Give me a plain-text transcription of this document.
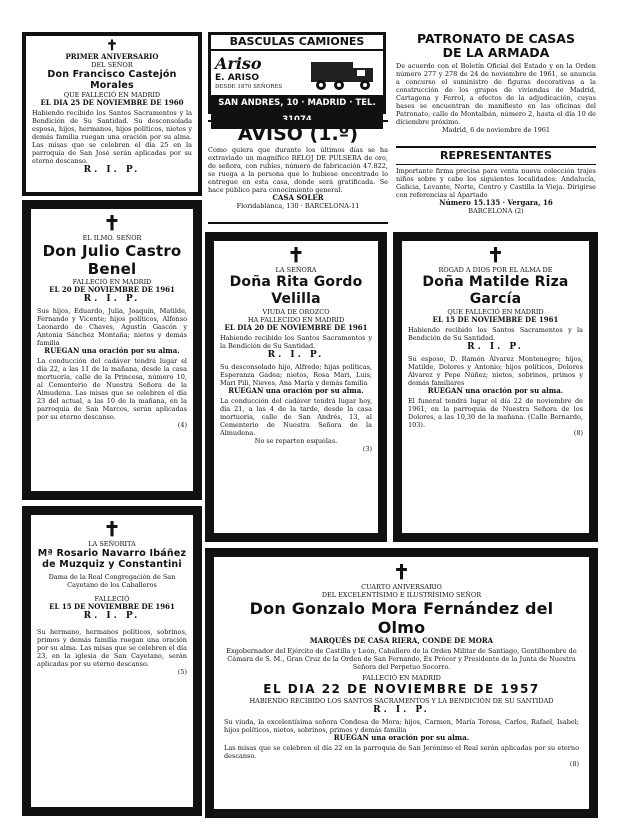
✝
PRIMER ANIVERSARIO
DEL SEÑOR
Don Francisco Castejón Morales
QUE FALLECIÓ EN MADRID
EL DIA 25 DE NOVIEMBRE DE 1960
Habiendo recibido los Santos Sacramentos y la Bendición de Su Santidad. Su desconsolada esposa, hijos, hermanos, hijos políticos, nietos y demás familia ruegan una oración por su alma. Las misas que se celebren el día 25 en la parroquia de San José serán aplicadas por su eterno descanso.
R. I. P.
✝
EL ILMO. SEÑOR
Don Julio Castro Benel
FALLECIÓ EN MADRID
EL 20 DE NOVIEMBRE DE 1961
R. I. P.
Sus hijos, Eduardo, Julia, Joaquín, Matilde, Fernando y Vicente; hijos políticos, Alfonso Leonardo de Chaves, Agustín Gascón y Antonia Sánchez Montaña; nietos y demás familia
RUEGAN una oración por su alma.
La conducción del cadáver tendrá lugar el día 22, a las 11 de la mañana, desde la casa mortuoria, calle de la Princesa, número 10, al Cementerio de Nuestra Señora de la Almudena. Las misas que se celebren el día 23 del actual, a las 10 de la mañana, en la parroquia de San Marcos, serán aplicadas por su eterno descanso.
(4)
✝
LA SEÑORITA
Mª Rosario Navarro Ibáñez de Muzquiz y Constantini
Dama de la Real Congregación de San Cayetano de los Caballeros
FALLECIÓ
EL 15 DE NOVIEMBRE DE 1961
R. I. P.
Su hermano, hermanos políticos, sobrinos, primos y demás familia ruegan una oración por su alma. Las misas que se celebren el día 23, en la iglesia de San Cayetano, serán aplicadas por su eterno descanso.
(5)
BASCULAS CAMIONES
Ariso
E. ARISO
DESDE 1870 SEÑORES
SAN ANDRES, 10 · MADRID · TEL. 31074
AVISO (1.º)
Como quiera que durante los últimos días se ha extraviado un magnífico RELOJ DE PULSERA de oro, de señora, con rubíes, número de fabricación 47.822, se ruega a la persona que lo hubiese encontrado lo entregue en esta casa, donde será gratificada. Se hace público para conocimiento general.
CASA SOLER
Floridablanca, 130 · BARCELONA-11
PATRONATO DE CASAS
DE LA ARMADA
De acuerdo con el Boletín Oficial del Estado y en la Orden número 277 y 278 de 24 de noviembre de 1961, se anuncia a concurso el suministro de figuras decorativas a la construcción de los grupos de viviendas de Madrid, Cartagena y Ferrol, a efectos de la adjudicación, cuyas bases se encuentran de manifiesto en las oficinas del Patronato, calle de Montalbán, número 2, hasta el día 10 de diciembre próximo.
Madrid, 6 de noviembre de 1961
REPRESENTANTES
Importante firma precisa para venta nueva colección trajes niños sobre y cabe los siguientes localidades: Andalucía, Galicia, Levante, Norte, Centro y Castilla la Vieja. Dirigirse con referencias al Apartado
Número 15.135 · Vergara, 16
BARCELONA (2)
✝
LA SEÑORA
Doña Rita Gordo
Velilla
VIUDA DE OROZCO
HA FALLECIDO EN MADRID
EL DIA 20 DE NOVIEMBRE DE 1961
Habiendo recibido los Santos Sacramentos y la Bendición de Su Santidad.
R. I. P.
Su desconsolado hijo, Alfredo; hijas políticas, Esperanza Gadea; nietos, Rosa Mari, Luis, Mari Pili, Nieves, Ana María y demás familia
RUEGAN una oración por su alma.
La conducción del cadáver tendrá lugar hoy, día 21, a las 4 de la tarde, desde la casa mortuoria, calle de San Andrés, 13, al Cementerio de Nuestra Señora de la Almudena.
No se reparten esquelas.
(3)
✝
ROGAD A DIOS POR EL ALMA DE
Doña Matilde Riza
García
QUE FALLECIÓ EN MADRID
EL 15 DE NOVIEMBRE DE 1961
Habiendo recibido los Santos Sacramentos y la Bendición de Su Santidad.
R. I. P.
Su esposo, D. Ramón Álvarez Montenegro; hijos, Matilde, Dolores y Antonio; hijos políticos, Dolores Álvarez y Pepe Núñez; nietos, sobrinos, primos y demás familiares
RUEGAN una oración por su alma.
El funeral tendrá lugar el día 22 de noviembre de 1961, en la parroquia de Nuestra Señora de los Dolores, a las 10,30 de la mañana. (Calle Bernardo, 103).
(8)
✝
CUARTO ANIVERSARIO
DEL EXCELENTÍSIMO E ILUSTRÍSIMO SEÑOR
Don Gonzalo Mora Fernández del Olmo
MARQUÉS DE CASA RIERA, CONDE DE MORA
Exgobernador del Ejército de Castilla y León, Caballero de la Orden Militar de Santiago, Gentilhombre de Cámara de S. M., Gran Cruz de la Orden de San Fernando, Ex Prócer y Presidente de la Junta de Nuestra Señora del Perpetuo Socorro.
FALLECIÓ EN MADRID
EL DIA 22 DE NOVIEMBRE DE 1957
HABIENDO RECIBIDO LOS SANTOS SACRAMENTOS Y LA BENDICIÓN DE SU SANTIDAD
R. I. P.
Su viuda, la excelentísima señora Condesa de Mora; hijos, Carmen, María Teresa, Carlos, Rafael, Isabel; hijos políticos, nietos, sobrinos, primos y demás familia
RUEGAN una oración por su alma.
Las misas que se celebren el día 22 en la parroquia de San Jerónimo el Real serán aplicadas por su eterno descanso.
(8)
